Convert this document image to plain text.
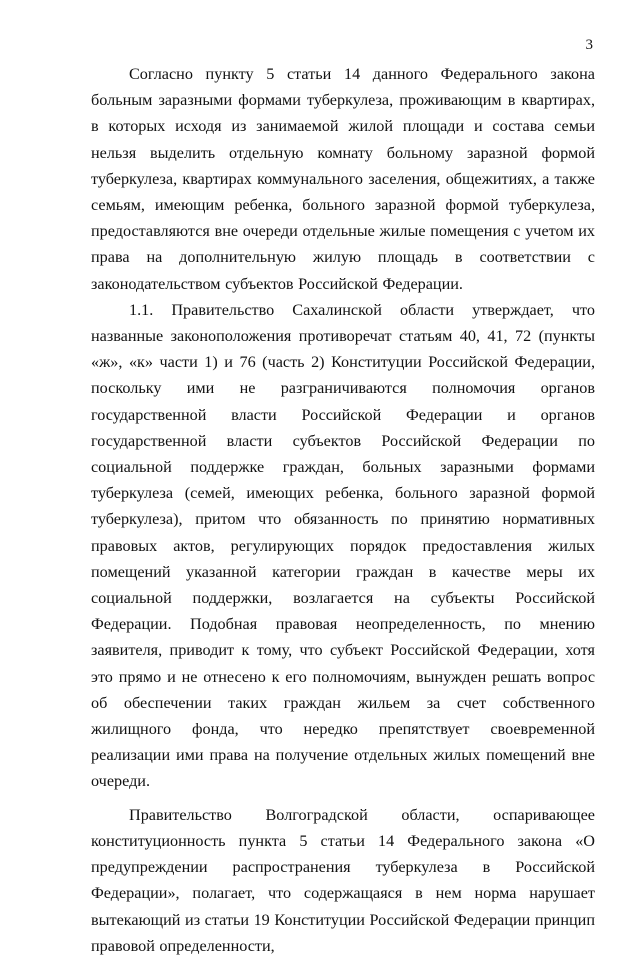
3

Согласно пункту 5 статьи 14 данного Федерального закона больным заразными формами туберкулеза, проживающим в квартирах, в которых исходя из занимаемой жилой площади и состава семьи нельзя выделить отдельную комнату больному заразной формой туберкулеза, квартирах коммунального заселения, общежитиях, а также семьям, имеющим ребенка, больного заразной формой туберкулеза, предоставляются вне очереди отдельные жилые помещения с учетом их права на дополнительную жилую площадь в соответствии с законодательством субъектов Российской Федерации.

1.1. Правительство Сахалинской области утверждает, что названные законоположения противоречат статьям 40, 41, 72 (пункты «ж», «к» части 1) и 76 (часть 2) Конституции Российской Федерации, поскольку ими не разграничиваются полномочия органов государственной власти Российской Федерации и органов государственной власти субъектов Российской Федерации по социальной поддержке граждан, больных заразными формами туберкулеза (семей, имеющих ребенка, больного заразной формой туберкулеза), притом что обязанность по принятию нормативных правовых актов, регулирующих порядок предоставления жилых помещений указанной категории граждан в качестве меры их социальной поддержки, возлагается на субъекты Российской Федерации. Подобная правовая неопределенность, по мнению заявителя, приводит к тому, что субъект Российской Федерации, хотя это прямо и не отнесено к его полномочиям, вынужден решать вопрос об обеспечении таких граждан жильем за счет собственного жилищного фонда, что нередко препятствует своевременной реализации ими права на получение отдельных жилых помещений вне очереди.

Правительство Волгоградской области, оспаривающее конституционность пункта 5 статьи 14 Федерального закона «О предупреждении распространения туберкулеза в Российской Федерации», полагает, что содержащаяся в нем норма нарушает вытекающий из статьи 19 Конституции Российской Федерации принцип правовой определенности,
